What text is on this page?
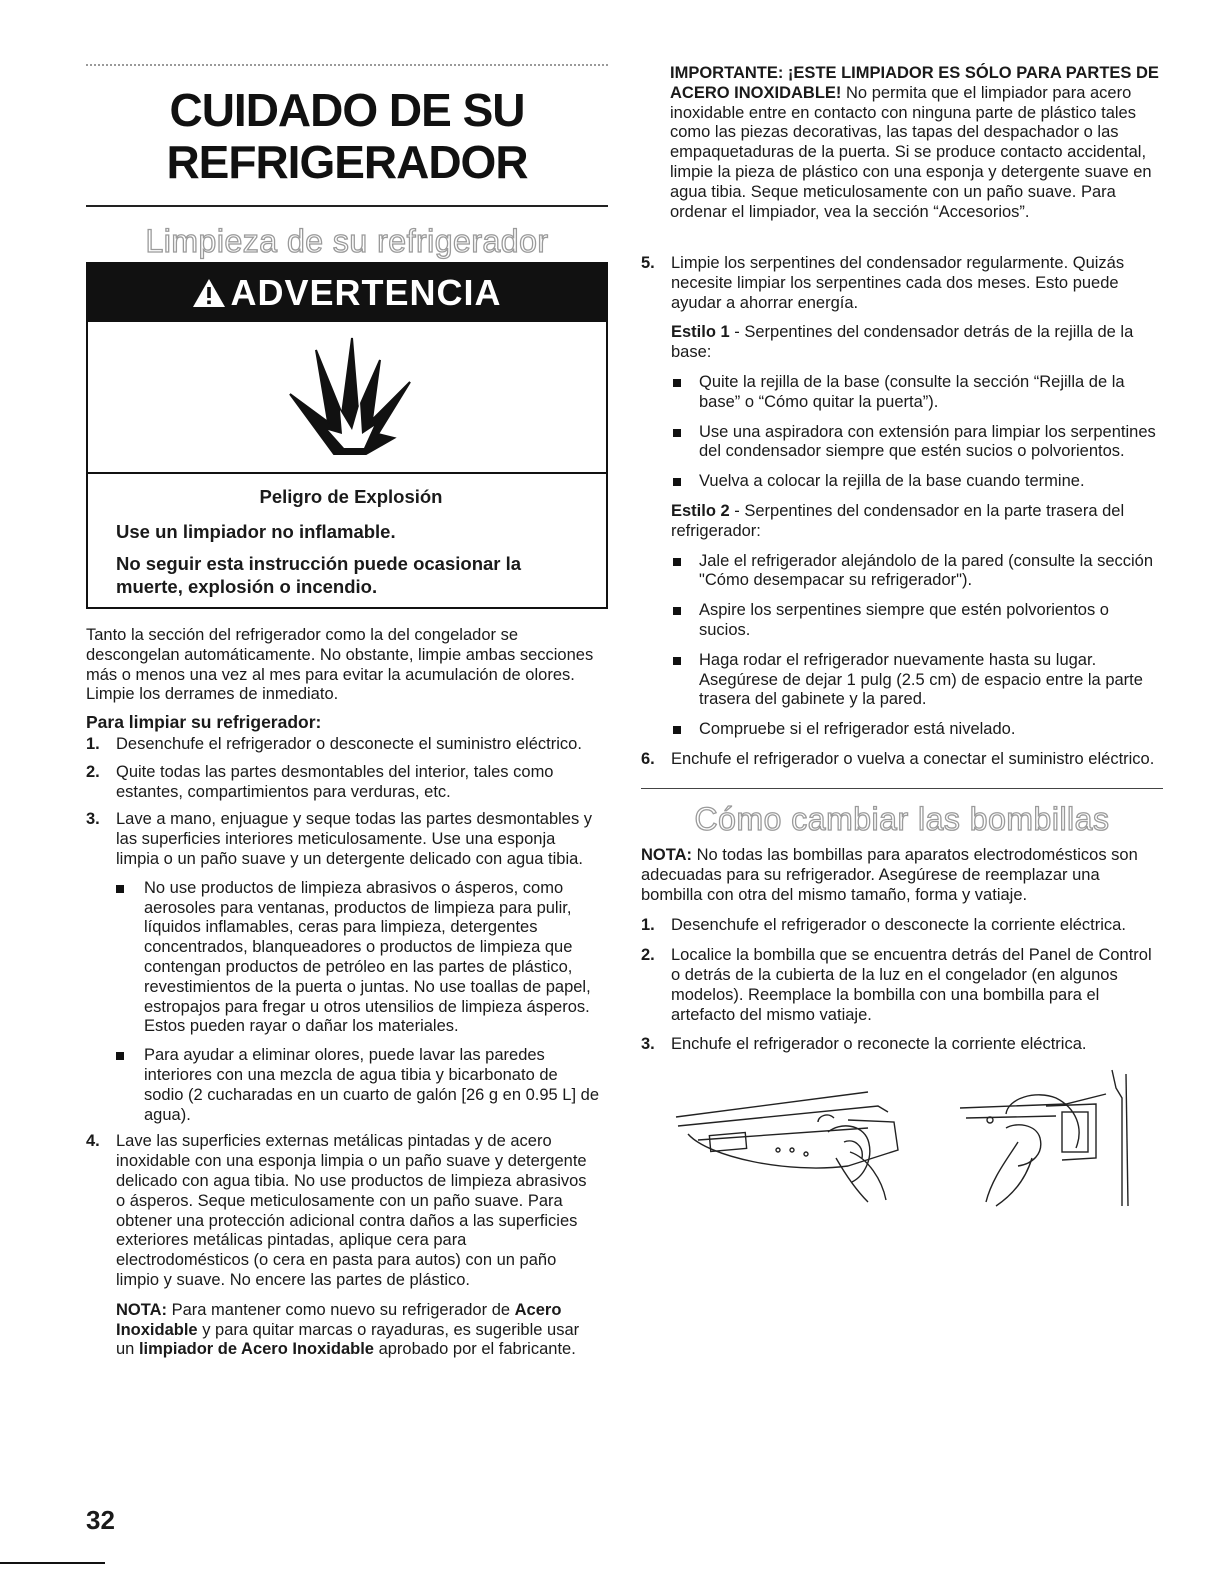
CUIDADO DE SU REFRIGERADOR
Limpieza de su refrigerador
ADVERTENCIA
Peligro de Explosión

Use un limpiador no inflamable.

No seguir esta instrucción puede ocasionar la muerte, explosión o incendio.

Tanto la sección del refrigerador como la del congelador se descongelan automáticamente. No obstante, limpie ambas secciones más o menos una vez al mes para evitar la acumulación de olores. Limpie los derrames de inmediato.

Para limpiar su refrigerador:
1. Desenchufe el refrigerador o desconecte el suministro eléctrico.
2. Quite todas las partes desmontables del interior, tales como estantes, compartimientos para verduras, etc.
3. Lave a mano, enjuague y seque todas las partes desmontables y las superficies interiores meticulosamente. Use una esponja limpia o un paño suave y un detergente delicado con agua tibia.
No use productos de limpieza abrasivos o ásperos, como aerosoles para ventanas, productos de limpieza para pulir, líquidos inflamables, ceras para limpieza, detergentes concentrados, blanqueadores o productos de limpieza que contengan productos de petróleo en las partes de plástico, revestimientos de la puerta o juntas. No use toallas de papel, estropajos para fregar u otros utensilios de limpieza ásperos. Estos pueden rayar o dañar los materiales.
Para ayudar a eliminar olores, puede lavar las paredes interiores con una mezcla de agua tibia y bicarbonato de sodio (2 cucharadas en un cuarto de galón [26 g en 0.95 L] de agua).
4. Lave las superficies externas metálicas pintadas y de acero inoxidable con una esponja limpia o un paño suave y detergente delicado con agua tibia. No use productos de limpieza abrasivos o ásperos. Seque meticulosamente con un paño suave. Para obtener una protección adicional contra daños a las superficies exteriores metálicas pintadas, aplique cera para electrodomésticos (o cera en pasta para autos) con un paño limpio y suave. No encere las partes de plástico.
NOTA: Para mantener como nuevo su refrigerador de Acero Inoxidable y para quitar marcas o rayaduras, es sugerible usar un limpiador de Acero Inoxidable aprobado por el fabricante.
32
IMPORTANTE: ¡ESTE LIMPIADOR ES SÓLO PARA PARTES DE ACERO INOXIDABLE! No permita que el limpiador para acero inoxidable entre en contacto con ninguna parte de plástico tales como las piezas decorativas, las tapas del despachador o las empaquetaduras de la puerta. Si se produce contacto accidental, limpie la pieza de plástico con una esponja y detergente suave en agua tibia. Seque meticulosamente con un paño suave. Para ordenar el limpiador, vea la sección “Accesorios”.
5. Limpie los serpentines del condensador regularmente. Quizás necesite limpiar los serpentines cada dos meses. Esto puede ayudar a ahorrar energía.
Estilo 1 - Serpentines del condensador detrás de la rejilla de la base:
Quite la rejilla de la base (consulte la sección “Rejilla de la base” o “Cómo quitar la puerta”).
Use una aspiradora con extensión para limpiar los serpentines del condensador siempre que estén sucios o polvorientos.
Vuelva a colocar la rejilla de la base cuando termine.
Estilo 2 - Serpentines del condensador en la parte trasera del refrigerador:
Jale el refrigerador alejándolo de la pared (consulte la sección "Cómo desempacar su refrigerador").
Aspire los serpentines siempre que estén polvorientos o sucios.
Haga rodar el refrigerador nuevamente hasta su lugar. Asegúrese de dejar 1 pulg (2.5 cm) de espacio entre la parte trasera del gabinete y la pared.
Compruebe si el refrigerador está nivelado.
6. Enchufe el refrigerador o vuelva a conectar el suministro eléctrico.
Cómo cambiar las bombillas
NOTA: No todas las bombillas para aparatos electrodomésticos son adecuadas para su refrigerador. Asegúrese de reemplazar una bombilla con otra del mismo tamaño, forma y vatiaje.
1. Desenchufe el refrigerador o desconecte la corriente eléctrica.
2. Localice la bombilla que se encuentra detrás del Panel de Control o detrás de la cubierta de la luz en el congelador (en algunos modelos). Reemplace la bombilla con una bombilla para el artefacto del mismo vatiaje.
3. Enchufe el refrigerador o reconecte la corriente eléctrica.
